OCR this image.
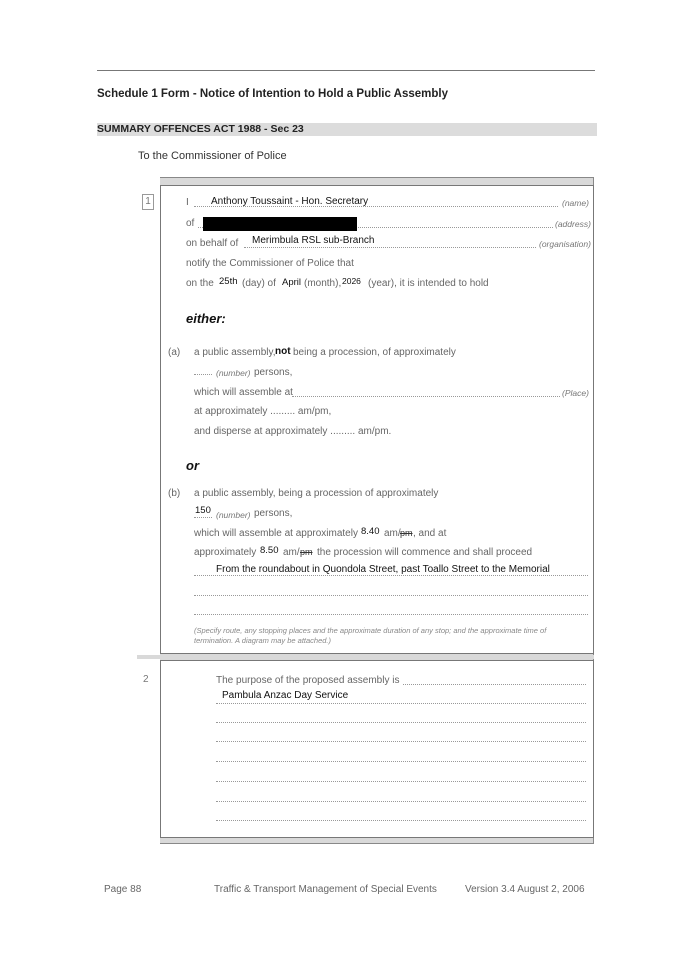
Schedule 1 Form - Notice of Intention to Hold a Public Assembly
SUMMARY OFFENCES ACT 1988 - Sec 23
To the Commissioner of Police
1
2
I Anthony Toussaint - Hon. Secretary	(name)
of	(address)
on behalf of Merimbula RSL sub-Branch	(organisation)
notify the Commissioner of Police that
on the 25th (day) of April (month), 2026 (year), it is intended to hold
either:
(a) a public assembly, not being a procession, of approximately
(number) persons,
which will assemble at	(Place)
at approximately ......... am/pm,
and disperse at approximately ......... am/pm.
or
(b) a public assembly, being a procession of approximately
150 (number) persons,
which will assemble at approximately 8.40 am/ pm , and at
approximately 8.50 am/ pm the procession will commence and shall proceed
From the roundabout in Quondola Street, past Toallo Street to the Memorial
(Specify route, any stopping places and the approximate duration of any stop; and the approximate time of termination. A diagram may be attached.)
The purpose of the proposed assembly is
Pambula Anzac Day Service
Page 88	Traffic & Transport Management of Special Events	Version 3.4 August 2, 2006
